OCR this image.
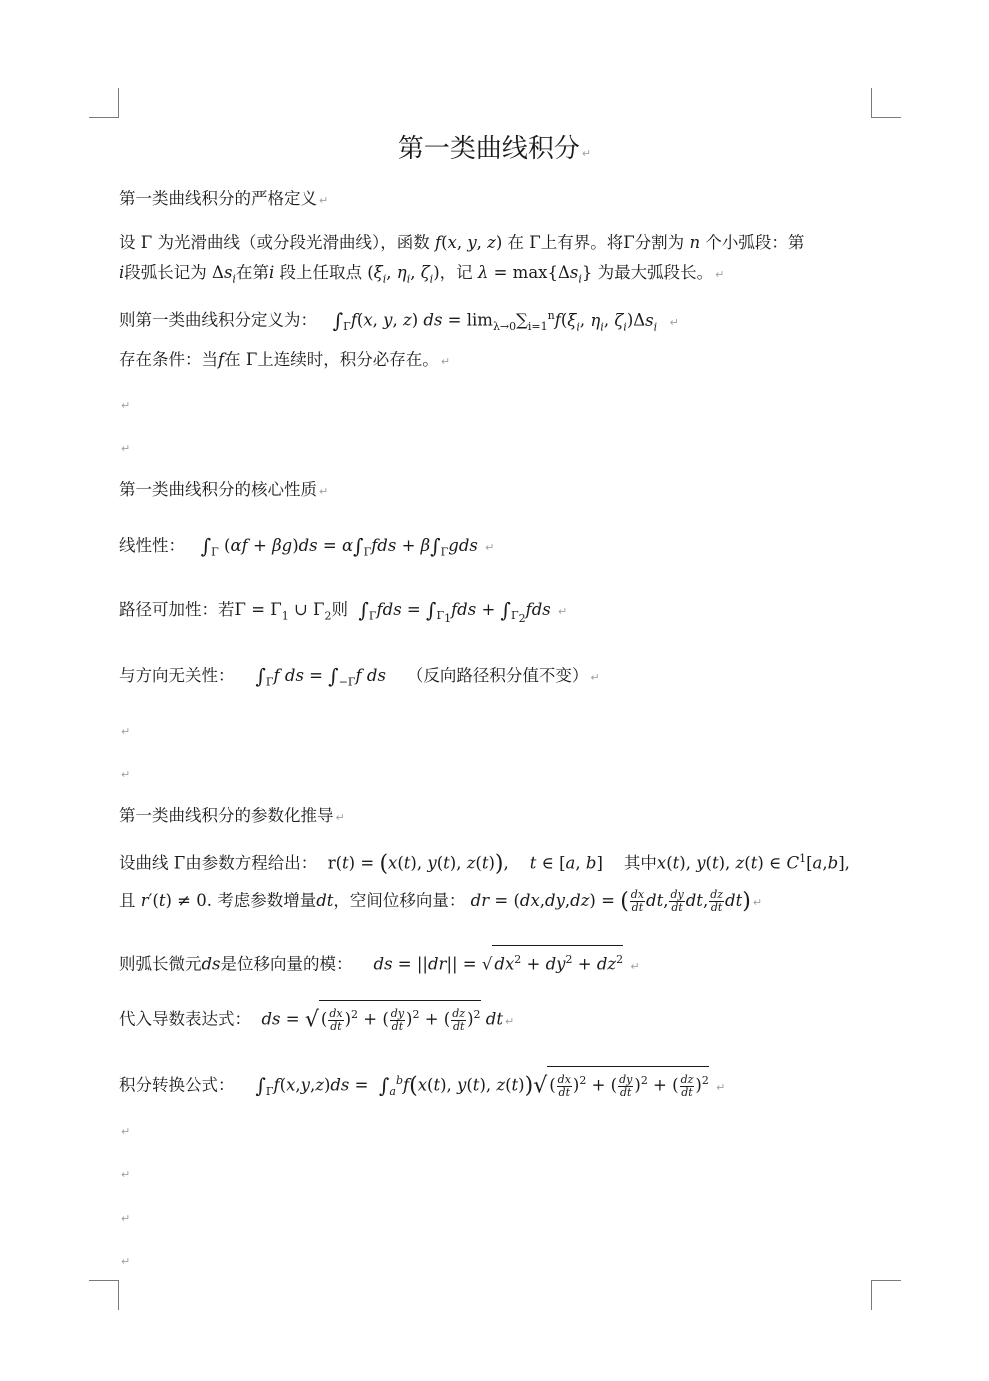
第一类曲线积分 ↵
第一类曲线积分的严格定义 ↵
设 Γ 为光滑曲线（或分段光滑曲线），函数 f(x, y, z) 在 Γ上有界。将Γ分割为 n 个小弧段：第
i段弧长记为 $\Delta s_i$在第i 段上任取点 ($\xi_i$, $\eta_i$, $\zeta_i$)，记 $\lambda = \max\{\Delta s_i\}$ 为最大弧段长。 ↵
则第一类曲线积分定义为： $\int_\Gamma f(x$, y, z) ds = $\lim_{\lambda\to 0}\sum_{i=1}^nf(\xi_i$, $\eta_i$, $\zeta_i)\Delta s_i$ ↵
存在条件：当f在 Γ上连续时，积分必存在。 ↵
↵
↵
第一类曲线积分的核心性质 ↵
线性性： $\int_\Gamma$ $(\alpha f + \beta g)ds = \alpha\int_\Gamma fds + \beta\int_\Gamma gds$ ↵
路径可加性：若$\Gamma = \Gamma_1$ ∪ $\Gamma_2$则 $\int_\Gamma fds = \int_{\Gamma_1}fds + \int_{\Gamma_2}fds$ ↵
与方向无关性： $\int_\Gamma f$ ds = $\int_{-\Gamma}f$ ds （反向路径积分值不变） ↵
↵
↵
第一类曲线积分的参数化推导 ↵
设曲线 Γ由参数方程给出：  r(t) = (x(t), y(t), z(t)),    t ∈ [a, b]    其中x(t), y(t), z(t) ∈ $C^1[a,b]$,
且 r′(t) ≠ 0. 考虑参数增量dt，空间位移向量： dr = (dx,dy,dz) = ( $\frac{dx}{dt}$ dt, $\frac{dy}{dt}$ dt, $\frac{dz}{dt} dt$) ↵
则弧长微元ds是位移向量的模： ds = ||dr|| = √ $dx^2 + dy^2 + dz^2$ ↵
代入导数表达式： ds = √ ( $\frac{dx}{dt} )^2$ + ( $\frac{dy}{dt} )^2$ + ( $\frac{dz}{dt} )^2$ dt ↵
积分转换公式： $\int_\Gamma f(x,y,z)ds = \int_a^bf(x(t)$, y(t), z(t))√ ( $\frac{dx}{dt} )^2$ + ( $\frac{dy}{dt} )^2$ + ( $\frac{dz}{dt} )^2$ ↵
↵
↵
↵
↵
